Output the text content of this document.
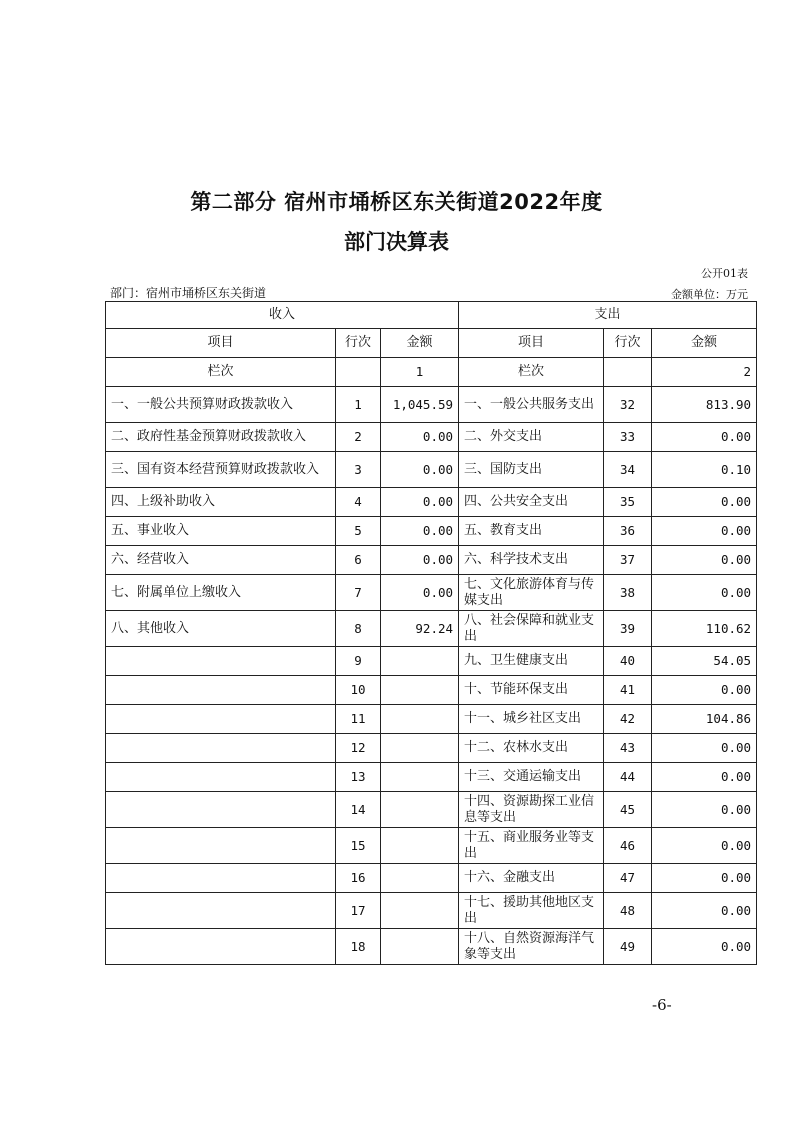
第二部分 宿州市埇桥区东关街道2022年度
部门决算表
公开01表
部门：宿州市埇桥区东关街道	金额单位：万元
收入			支出		
项目	行次	金额	项目	行次	金额
栏次		1	栏次		2
一、一般公共预算财政拨款收入	1	1,045.59	一、一般公共服务支出	32	813.90
二、政府性基金预算财政拨款收入	2	0.00	二、外交支出	33	0.00
三、国有资本经营预算财政拨款收入	3	0.00	三、国防支出	34	0.10
四、上级补助收入	4	0.00	四、公共安全支出	35	0.00
五、事业收入	5	0.00	五、教育支出	36	0.00
六、经营收入	6	0.00	六、科学技术支出	37	0.00
七、附属单位上缴收入	7	0.00	七、文化旅游体育与传媒支出	38	0.00
八、其他收入	8	92.24	八、社会保障和就业支出	39	110.62
	9		九、卫生健康支出	40	54.05
	10		十、节能环保支出	41	0.00
	11		十一、城乡社区支出	42	104.86
	12		十二、农林水支出	43	0.00
	13		十三、交通运输支出	44	0.00
	14		十四、资源勘探工业信息等支出	45	0.00
	15		十五、商业服务业等支出	46	0.00
	16		十六、金融支出	47	0.00
	17		十七、援助其他地区支出	48	0.00
	18		十八、自然资源海洋气象等支出	49	0.00
-6-
